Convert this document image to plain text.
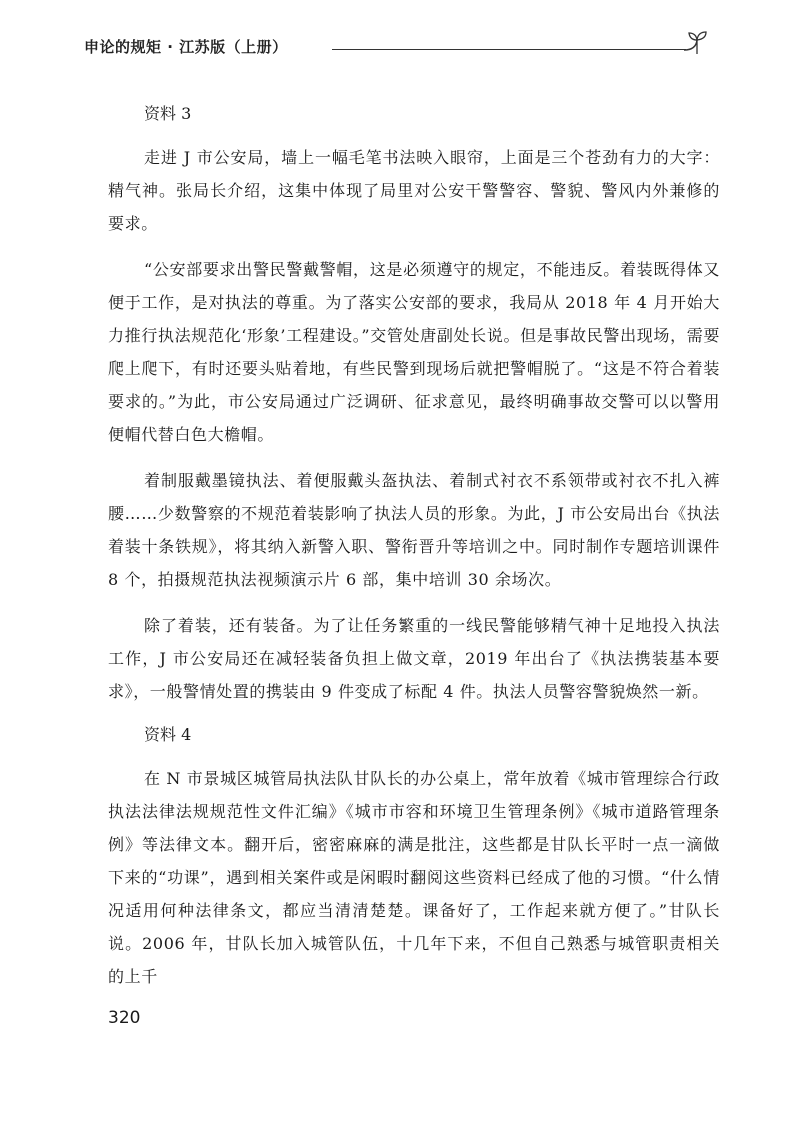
申论的规矩 · 江苏版（上册）
资料 3

走进 J 市公安局，墙上一幅毛笔书法映入眼帘，上面是三个苍劲有力的大字：精气神。张局长介绍，这集中体现了局里对公安干警警容、警貌、警风内外兼修的要求。

“公安部要求出警民警戴警帽，这是必须遵守的规定，不能违反。着装既得体又便于工作，是对执法的尊重。为了落实公安部的要求，我局从 2018 年 4 月开始大力推行执法规范化‘形象’工程建设。”交管处唐副处长说。但是事故民警出现场，需要爬上爬下，有时还要头贴着地，有些民警到现场后就把警帽脱了。“这是不符合着装要求的。”为此，市公安局通过广泛调研、征求意见，最终明确事故交警可以以警用便帽代替白色大檐帽。

着制服戴墨镜执法、着便服戴头盔执法、着制式衬衣不系领带或衬衣不扎入裤腰……少数警察的不规范着装影响了执法人员的形象。为此，J 市公安局出台《执法着装十条铁规》，将其纳入新警入职、警衔晋升等培训之中。同时制作专题培训课件 8 个，拍摄规范执法视频演示片 6 部，集中培训 30 余场次。

除了着装，还有装备。为了让任务繁重的一线民警能够精气神十足地投入执法工作，J 市公安局还在减轻装备负担上做文章，2019 年出台了《执法携装基本要求》，一般警情处置的携装由 9 件变成了标配 4 件。执法人员警容警貌焕然一新。

资料 4

在 N 市景城区城管局执法队甘队长的办公桌上，常年放着《城市管理综合行政执法法律法规规范性文件汇编》《城市市容和环境卫生管理条例》《城市道路管理条例》等法律文本。翻开后，密密麻麻的满是批注，这些都是甘队长平时一点一滴做下来的“功课”，遇到相关案件或是闲暇时翻阅这些资料已经成了他的习惯。“什么情况适用何种法律条文，都应当清清楚楚。课备好了，工作起来就方便了。”甘队长说。2006 年，甘队长加入城管队伍，十几年下来，不但自己熟悉与城管职责相关的上千

320
